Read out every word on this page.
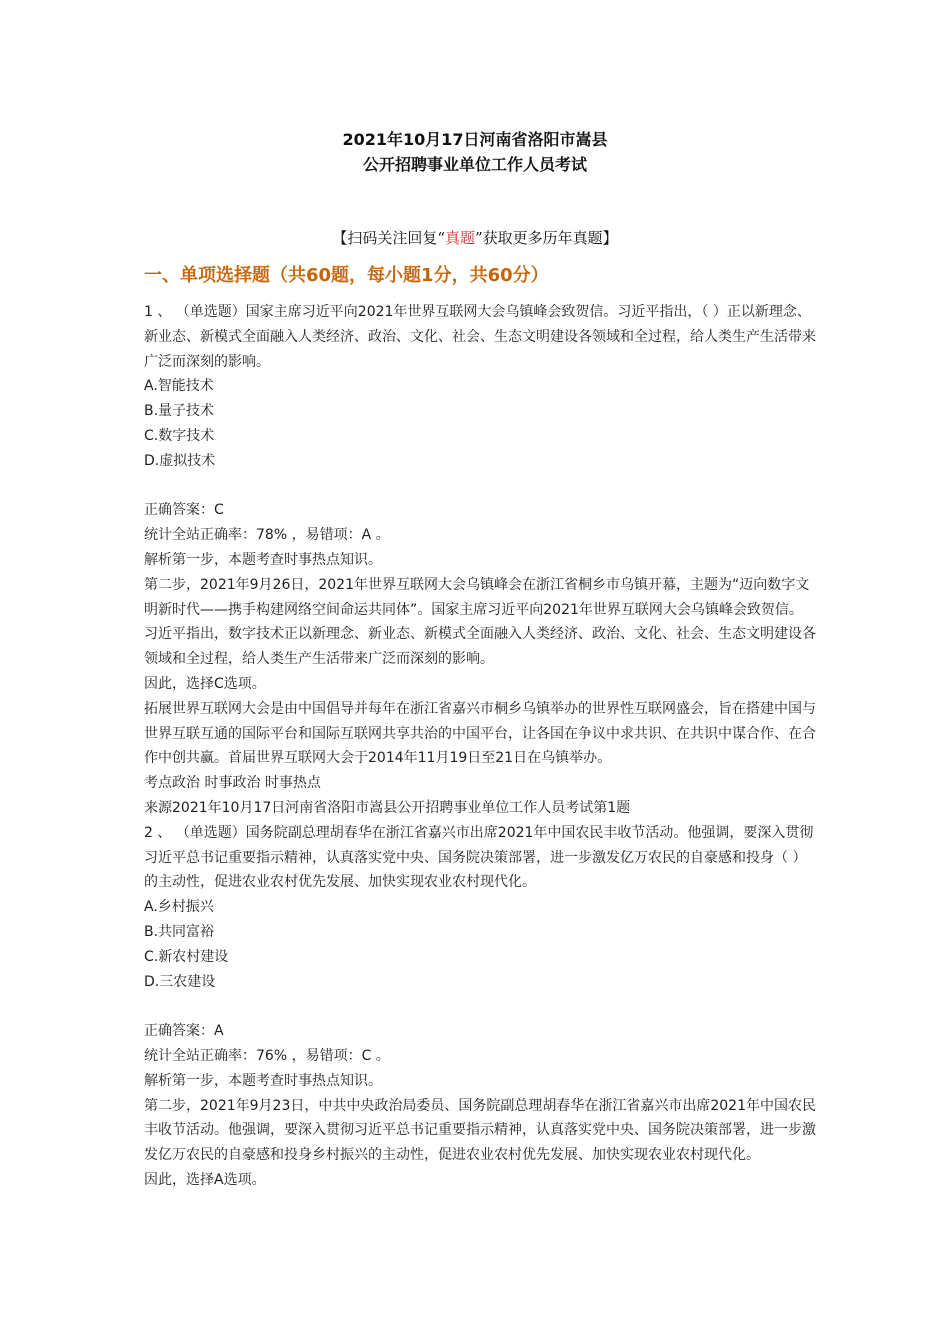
2021年10月17日河南省洛阳市嵩县
公开招聘事业单位工作人员考试
【扫码关注回复“真题”获取更多历年真题】
一、单项选择题（共60题，每小题1分，共60分）

1 、 （单选题）国家主席习近平向2021年世界互联网大会乌镇峰会致贺信。习近平指出，（ ）正以新理念、新业态、新模式全面融入人类经济、政治、文化、社会、生态文明建设各领域和全过程，给人类生产生活带来广泛而深刻的影响。

A.智能技术

B.量子技术

C.数字技术

D.虚拟技术

正确答案：C

统计全站正确率：78% ，易错项：A 。

解析第一步，本题考查时事热点知识。

第二步，2021年9月26日，2021年世界互联网大会乌镇峰会在浙江省桐乡市乌镇开幕，主题为“迈向数字文明新时代——携手构建网络空间命运共同体”。国家主席习近平向2021年世界互联网大会乌镇峰会致贺信。习近平指出，数字技术正以新理念、新业态、新模式全面融入人类经济、政治、文化、社会、生态文明建设各领域和全过程，给人类生产生活带来广泛而深刻的影响。

因此，选择C选项。

拓展世界互联网大会是由中国倡导并每年在浙江省嘉兴市桐乡乌镇举办的世界性互联网盛会，旨在搭建中国与世界互联互通的国际平台和国际互联网共享共治的中国平台，让各国在争议中求共识、在共识中谋合作、在合作中创共赢。首届世界互联网大会于2014年11月19日至21日在乌镇举办。

考点政治 时事政治 时事热点

来源2021年10月17日河南省洛阳市嵩县公开招聘事业单位工作人员考试第1题

2 、 （单选题）国务院副总理胡春华在浙江省嘉兴市出席2021年中国农民丰收节活动。他强调，要深入贯彻习近平总书记重要指示精神，认真落实党中央、国务院决策部署，进一步激发亿万农民的自豪感和投身（ ）的主动性，促进农业农村优先发展、加快实现农业农村现代化。

A.乡村振兴

B.共同富裕

C.新农村建设

D.三农建设

正确答案：A

统计全站正确率：76% ，易错项：C 。

解析第一步，本题考查时事热点知识。

第二步，2021年9月23日，中共中央政治局委员、国务院副总理胡春华在浙江省嘉兴市出席2021年中国农民丰收节活动。他强调，要深入贯彻习近平总书记重要指示精神，认真落实党中央、国务院决策部署，进一步激发亿万农民的自豪感和投身乡村振兴的主动性，促进农业农村优先发展、加快实现农业农村现代化。

因此，选择A选项。
